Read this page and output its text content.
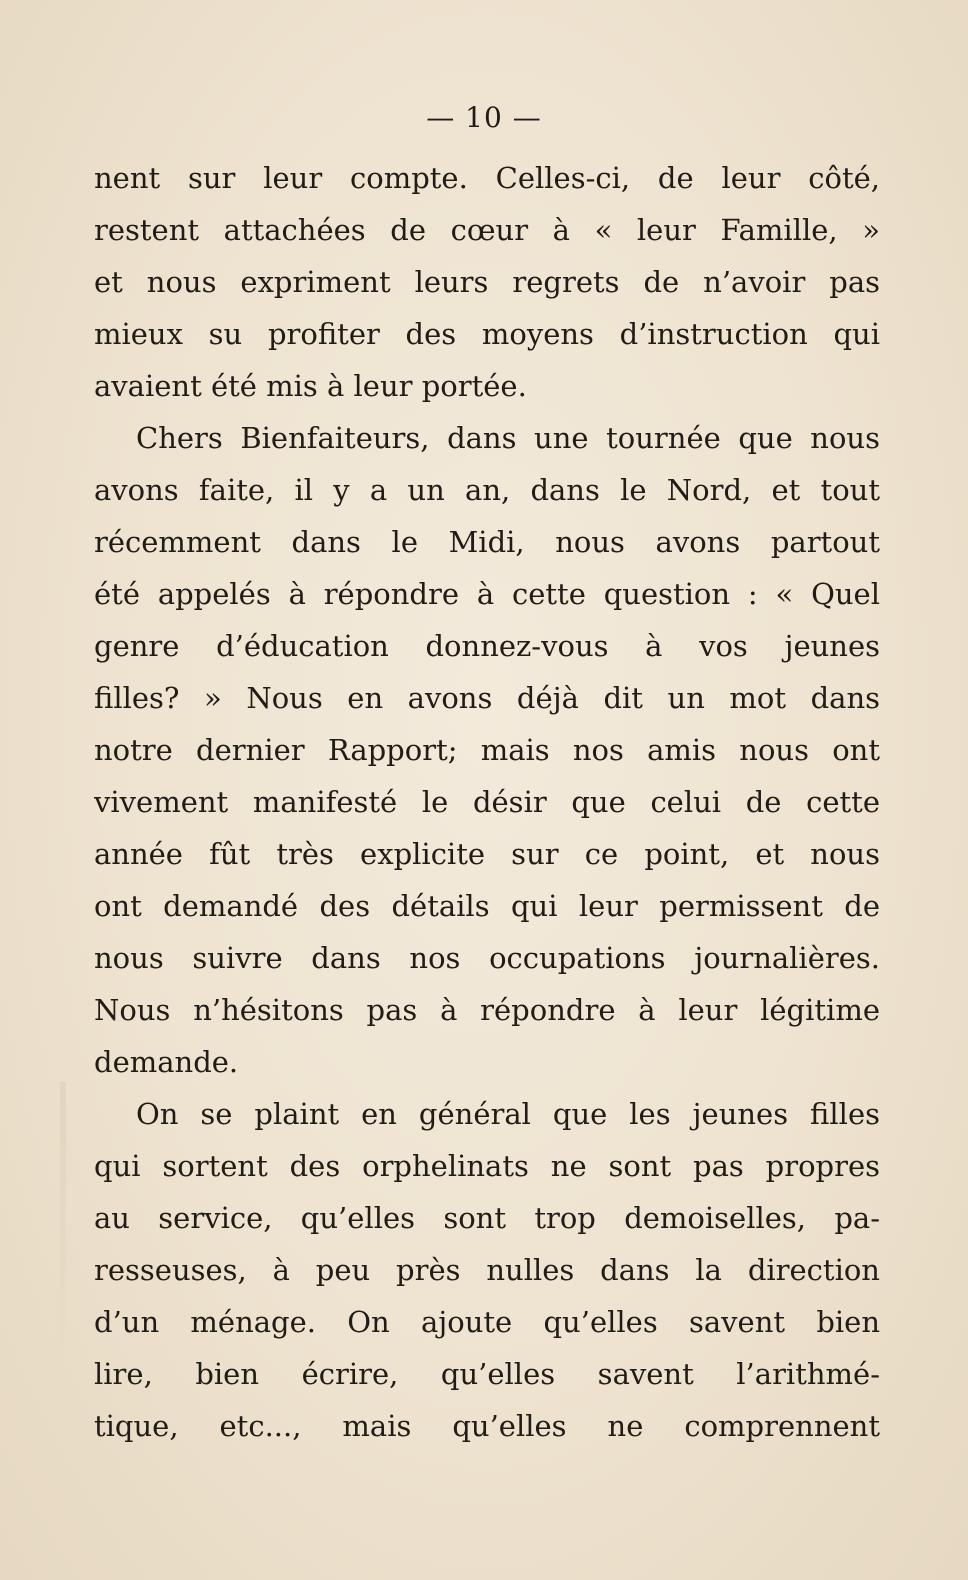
— 10 —
nent sur leur compte. Celles-ci, de leur côté,
restent attachées de cœur à « leur Famille, »
et nous expriment leurs regrets de n’avoir pas
mieux su profiter des moyens d’instruction qui
avaient été mis à leur portée.
Chers Bienfaiteurs, dans une tournée que nous
avons faite, il y a un an, dans le Nord, et tout
récemment dans le Midi, nous avons partout
été appelés à répondre à cette question : « Quel
genre d’éducation donnez-vous à vos jeunes
filles? » Nous en avons déjà dit un mot dans
notre dernier Rapport; mais nos amis nous ont
vivement manifesté le désir que celui de cette
année fût très explicite sur ce point, et nous
ont demandé des détails qui leur permissent de
nous suivre dans nos occupations journalières.
Nous n’hésitons pas à répondre à leur légitime
demande.
On se plaint en général que les jeunes filles
qui sortent des orphelinats ne sont pas propres
au service, qu’elles sont trop demoiselles, pa-
resseuses, à peu près nulles dans la direction
d’un ménage. On ajoute qu’elles savent bien
lire, bien écrire, qu’elles savent l’arithmé-
tique, etc..., mais qu’elles ne comprennent
